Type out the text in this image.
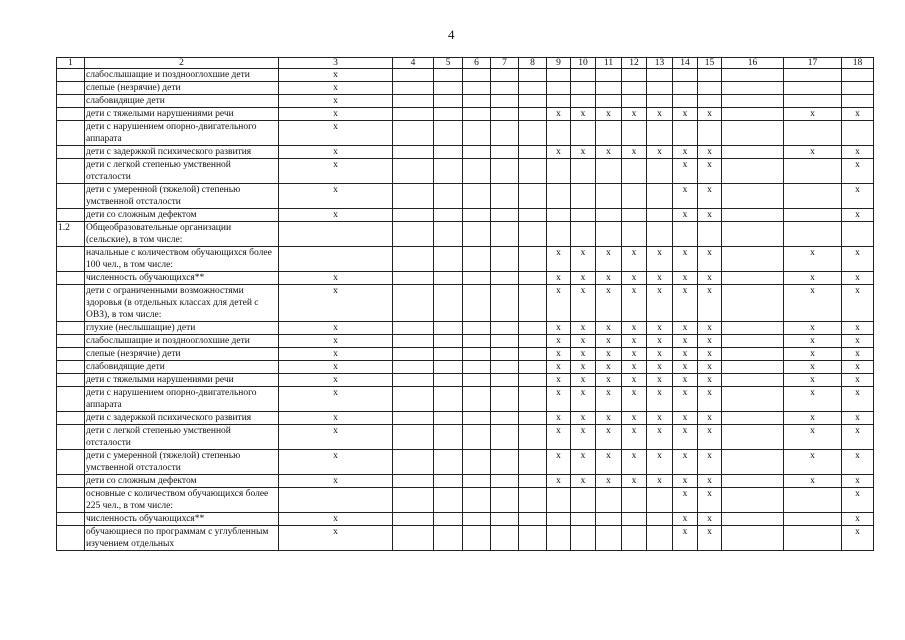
4
1	2	3	4	5	6	7	8	9	10	11	12	13	14	15	16	17	18
	слабослышащие и позднооглохшие дети	x															
	слепые (незрячие) дети	x															
	слабовидящие дети	x															
	дети с тяжелыми нарушениями речи	x						x	x	x	x	x	x	x		x	x
	дети с нарушением опорно-двигательного аппарата	x															
	дети с задержкой психического развития	x						x	x	x	x	x	x	x		x	x
	дети с легкой степенью умственной отсталости	x											x	x			x
	дети с умеренной (тяжелой) степенью умственной отсталости	x											x	x			x
	дети со сложным дефектом	x											x	x			x
1.2	Общеобразовательные организации (сельские), в том числе:																
	начальные с количеством обучающихся более 100 чел., в том числе:							x	x	x	x	x	x	x		x	x
	численность обучающихся**	x						x	x	x	x	x	x	x		x	x
	дети с ограниченными возможностями здоровья (в отдельных классах для детей с ОВЗ), в том числе:	x						x	x	x	x	x	x	x		x	x
	глухие (неслышащие) дети	x						x	x	x	x	x	x	x		x	x
	слабослышащие и позднооглохшие дети	x						x	x	x	x	x	x	x		x	x
	слепые (незрячие) дети	x						x	x	x	x	x	x	x		x	x
	слабовидящие дети	x						x	x	x	x	x	x	x		x	x
	дети с тяжелыми нарушениями речи	x						x	x	x	x	x	x	x		x	x
	дети с нарушением опорно-двигательного аппарата	x						x	x	x	x	x	x	x		x	x
	дети с задержкой психического развития	x						x	x	x	x	x	x	x		x	x
	дети с легкой степенью умственной отсталости	x						x	x	x	x	x	x	x		x	x
	дети с умеренной (тяжелой) степенью умственной отсталости	x						x	x	x	x	x	x	x		x	x
	дети со сложным дефектом	x						x	x	x	x	x	x	x		x	x
	основные с количеством обучающихся более 225 чел., в том числе:												x	x			x
	численность обучающихся**	x											x	x			x
	обучающиеся по программам с углубленным изучением отдельных	x											x	x			x
